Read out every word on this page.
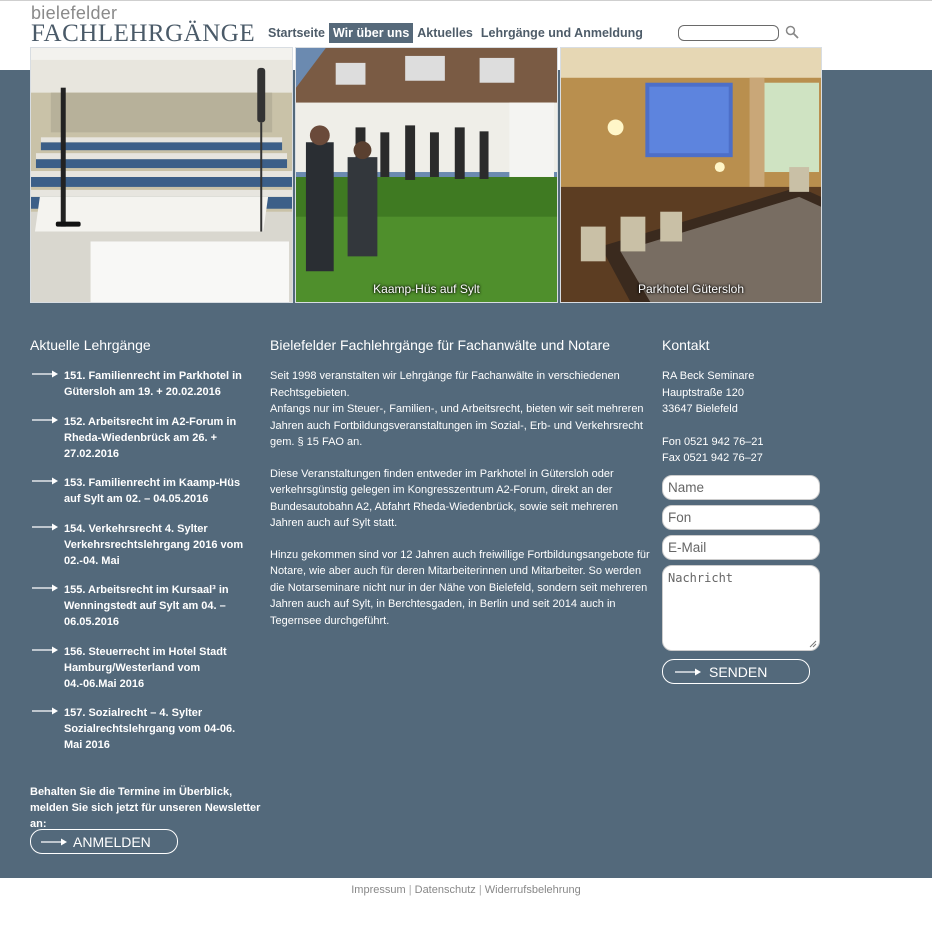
bielefelder
FACHLEHRGÄNGE	Startseite Wir über uns Aktuelles Lehrgänge und Anmeldung
Kaamp-Hüs auf Sylt	Parkhotel Gütersloh
Aktuelle Lehrgänge
151. Familienrecht im Parkhotel in Gütersloh am 19. + 20.02.2016
152. Arbeitsrecht im A2-Forum in Rheda-Wiedenbrück am 26. + 27.02.2016
153. Familienrecht im Kaamp-Hüs auf Sylt am 02. – 04.05.2016
154. Verkehrsrecht 4. Sylter Verkehrsrechtslehrgang 2016 vom 02.-04. Mai
155. Arbeitsrecht im Kursaal³ in Wenningstedt auf Sylt am 04. – 06.05.2016
156. Steuerrecht im Hotel Stadt Hamburg/Westerland vom 04.-06.Mai 2016
157. Sozialrecht – 4. Sylter Sozialrechtslehrgang vom 04-06. Mai 2016
Behalten Sie die Termine im Überblick, melden Sie sich jetzt für unseren Newsletter an:
ANMELDEN
Bielefelder Fachlehrgänge für Fachanwälte und Notare

Seit 1998 veranstalten wir Lehrgänge für Fachanwälte in verschiedenen Rechtsgebieten.
Anfangs nur im Steuer-, Familien-, und Arbeitsrecht, bieten wir seit mehreren Jahren auch Fortbildungsveranstaltungen im Sozial-, Erb- und Verkehrsrecht gem. § 15 FAO an.

Diese Veranstaltungen finden entweder im Parkhotel in Gütersloh oder verkehrsgünstig gelegen im Kongresszentrum A2-Forum, direkt an der Bundesautobahn A2, Abfahrt Rheda-Wiedenbrück, sowie seit mehreren Jahren auch auf Sylt statt.

Hinzu gekommen sind vor 12 Jahren auch freiwillige Fortbildungsangebote für Notare, wie aber auch für deren Mitarbeiterinnen und Mitarbeiter. So werden die Notarseminare nicht nur in der Nähe von Bielefeld, sondern seit mehreren Jahren auch auf Sylt, in Berchtesgaden, in Berlin und seit 2014 auch in Tegernsee durchgeführt.

Kontakt
RA Beck Seminare
Hauptstraße 120
33647 Bielefeld
Fon 0521 942 76–21
Fax 0521 942 76–27
Name
Fon
E-Mail
Nachricht
SENDEN
Impressum | Datenschutz | Widerrufsbelehrung
